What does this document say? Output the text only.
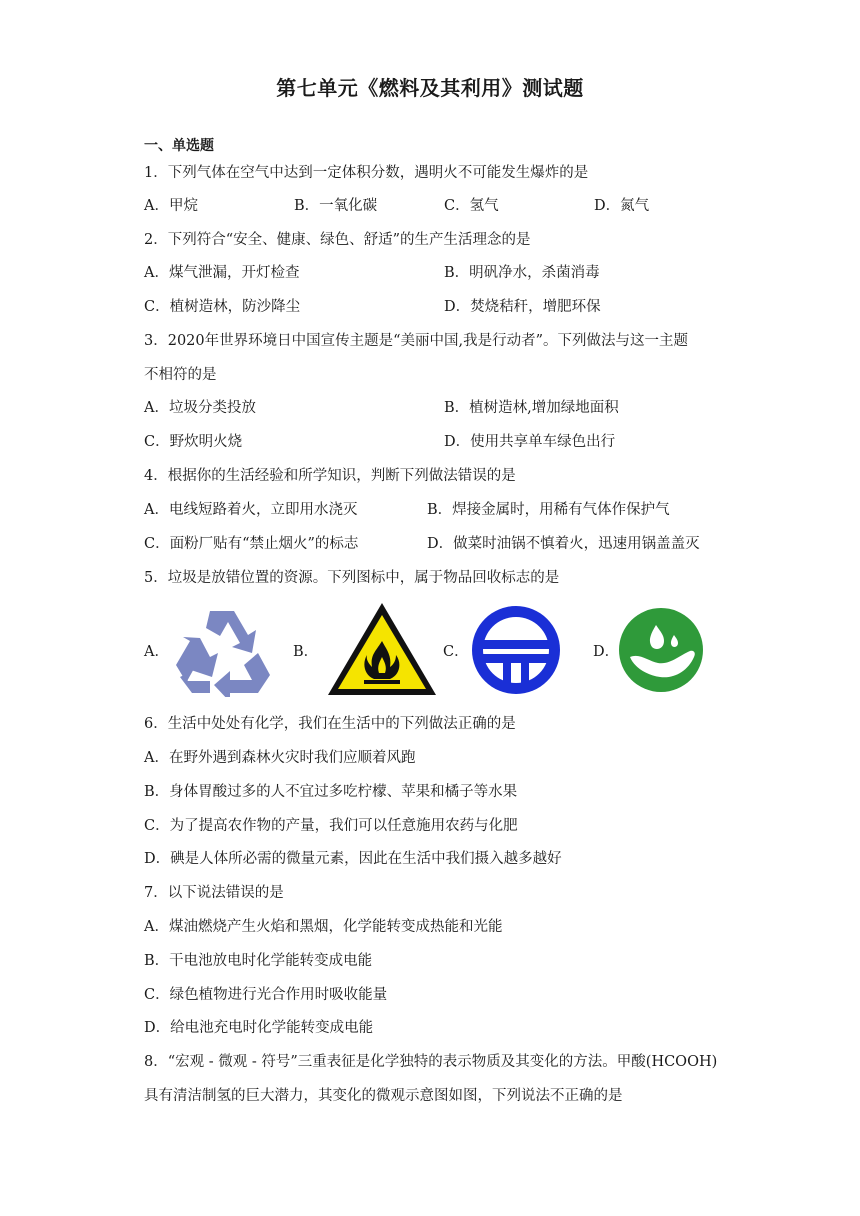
第七单元《燃料及其利用》测试题
一、单选题
1．下列气体在空气中达到一定体积分数，遇明火不可能发生爆炸的是
A．甲烷	B．一氧化碳	C．氢气	D．氮气
2．下列符合“安全、健康、绿色、舒适”的生产生活理念的是
A．煤气泄漏，开灯检查	B．明矾净水，杀菌消毒
C．植树造林，防沙降尘	D．焚烧秸秆，增肥环保
3．2020年世界环境日中国宣传主题是“美丽中国,我是行动者”。下列做法与这一主题
不相符的是
A．垃圾分类投放	B．植树造林,增加绿地面积
C．野炊明火烧	D．使用共享单车绿色出行
4．根据你的生活经验和所学知识，判断下列做法错误的是
A．电线短路着火，立即用水浇灭	B．焊接金属时，用稀有气体作保护气
C．面粉厂贴有“禁止烟火”的标志	D．做菜时油锅不慎着火，迅速用锅盖盖灭
5．垃圾是放错位置的资源。下列图标中，属于物品回收标志的是
A．	B．	C．	D．
6．生活中处处有化学，我们在生活中的下列做法正确的是
A．在野外遇到森林火灾时我们应顺着风跑
B．身体胃酸过多的人不宜过多吃柠檬、苹果和橘子等水果
C．为了提高农作物的产量，我们可以任意施用农药与化肥
D．碘是人体所必需的微量元素，因此在生活中我们摄入越多越好
7．以下说法错误的是
A．煤油燃烧产生火焰和黑烟，化学能转变成热能和光能
B．干电池放电时化学能转变成电能
C．绿色植物进行光合作用时吸收能量
D．给电池充电时化学能转变成电能
8．“宏观 - 微观 - 符号”三重表征是化学独特的表示物质及其变化的方法。甲酸(HCOOH)
具有清洁制氢的巨大潜力，其变化的微观示意图如图，下列说法不正确的是
